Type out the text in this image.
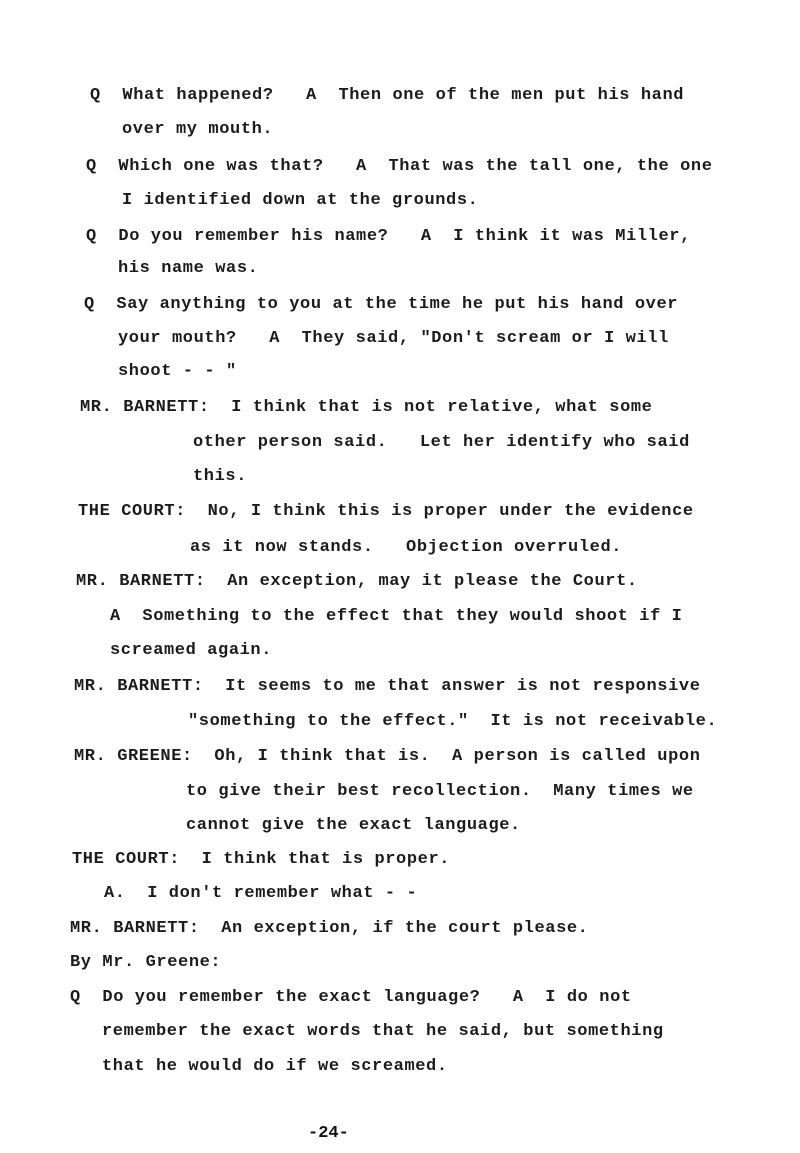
Q  What happened?   A  Then one of the men put his hand
over my mouth.
Q  Which one was that?   A  That was the tall one, the one
I identified down at the grounds.
Q  Do you remember his name?   A  I think it was Miller,
his name was.
Q  Say anything to you at the time he put his hand over
your mouth?   A  They said, "Don't scream or I will
shoot - - "
MR. BARNETT:  I think that is not relative, what some
other person said.   Let her identify who said
this.
THE COURT:  No, I think this is proper under the evidence
as it now stands.   Objection overruled.
MR. BARNETT:  An exception, may it please the Court.
A  Something to the effect that they would shoot if I
screamed again.
MR. BARNETT:  It seems to me that answer is not responsive
"something to the effect."  It is not receivable.
MR. GREENE:  Oh, I think that is.  A person is called upon
to give their best recollection.  Many times we
cannot give the exact language.
THE COURT:  I think that is proper.
A.  I don't remember what - -
MR. BARNETT:  An exception, if the court please.
By Mr. Greene:
Q  Do you remember the exact language?   A  I do not
remember the exact words that he said, but something
that he would do if we screamed.
-24-
